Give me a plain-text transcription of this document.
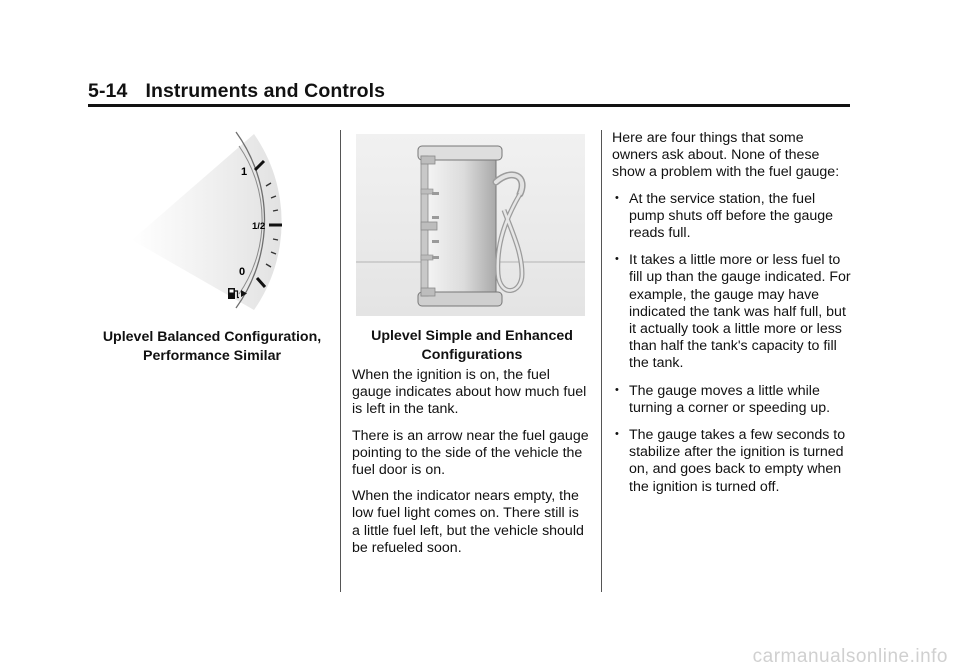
5-14 Instruments and Controls
1
1/2
0
Uplevel Balanced Configuration,
Performance Similar
Uplevel Simple and Enhanced
Configurations

When the ignition is on, the fuel gauge indicates about how much fuel is left in the tank.

There is an arrow near the fuel gauge pointing to the side of the vehicle the fuel door is on.

When the indicator nears empty, the low fuel light comes on. There still is a little fuel left, but the vehicle should be refueled soon.

Here are four things that some owners ask about. None of these show a problem with the fuel gauge:

• At the service station, the fuel pump shuts off before the gauge reads full.
• It takes a little more or less fuel to fill up than the gauge indicated. For example, the gauge may have indicated the tank was half full, but it actually took a little more or less than half the tank's capacity to fill the tank.
• The gauge moves a little while turning a corner or speeding up.
• The gauge takes a few seconds to stabilize after the ignition is turned on, and goes back to empty when the ignition is turned off.
carmanualsonline.info
